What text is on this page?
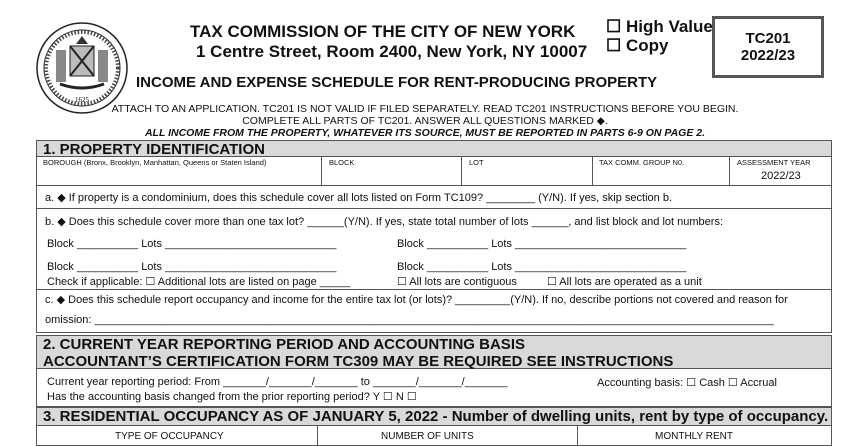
1625
TAX COMMISSION OF THE CITY OF NEW YORK
1 Centre Street, Room 2400, New York, NY 10007
INCOME AND EXPENSE SCHEDULE FOR RENT-PRODUCING PROPERTY
☐ High Value
☐ Copy	TC201
2022/23
ATTACH TO AN APPLICATION. TC201 IS NOT VALID IF FILED SEPARATELY. READ TC201 INSTRUCTIONS BEFORE YOU BEGIN.
COMPLETE ALL PARTS OF TC201. ANSWER ALL QUESTIONS MARKED ◆.
ALL INCOME FROM THE PROPERTY, WHATEVER ITS SOURCE, MUST BE REPORTED IN PARTS 6-9 ON PAGE 2.
1. PROPERTY IDENTIFICATION
BOROUGH (Bronx, Brooklyn, Manhattan, Queens or Staten Island)	BLOCK	LOT	TAX COMM. GROUP N0.	ASSESSMENT YEAR
2022/23
a. ◆ If property is a condominium, does this schedule cover all lots listed on Form TC109? ________ (Y/N). If yes, skip section b.
b. ◆ Does this schedule cover more than one tax lot? ______(Y/N). If yes, state total number of lots ______, and list block and lot numbers:
Block __________ Lots ____________________________	Block __________ Lots ____________________________
Block __________ Lots ____________________________	Block __________ Lots ____________________________
Check if applicable: ☐ Additional lots are listed on page _____	☐ All lots are contiguous	☐ All lots are operated as a unit
c. ◆ Does this schedule report occupancy and income for the entire tax lot (or lots)? _________(Y/N). If no, describe portions not covered and reason for
omission: _______________________________________________________________________________________________________________
2. CURRENT YEAR REPORTING PERIOD AND ACCOUNTING BASIS
ACCOUNTANT’S CERTIFICATION FORM TC309 MAY BE REQUIRED SEE INSTRUCTIONS
Current year reporting period: From _______/_______/_______ to _______/_______/_______	Accounting basis: ☐ Cash ☐ Accrual
Has the accounting basis changed from the prior reporting period? Y ☐ N ☐
3. RESIDENTIAL OCCUPANCY AS OF JANUARY 5, 2022 - Number of dwelling units, rent by type of occupancy.
TYPE OF OCCUPANCY	NUMBER OF UNITS	MONTHLY RENT
